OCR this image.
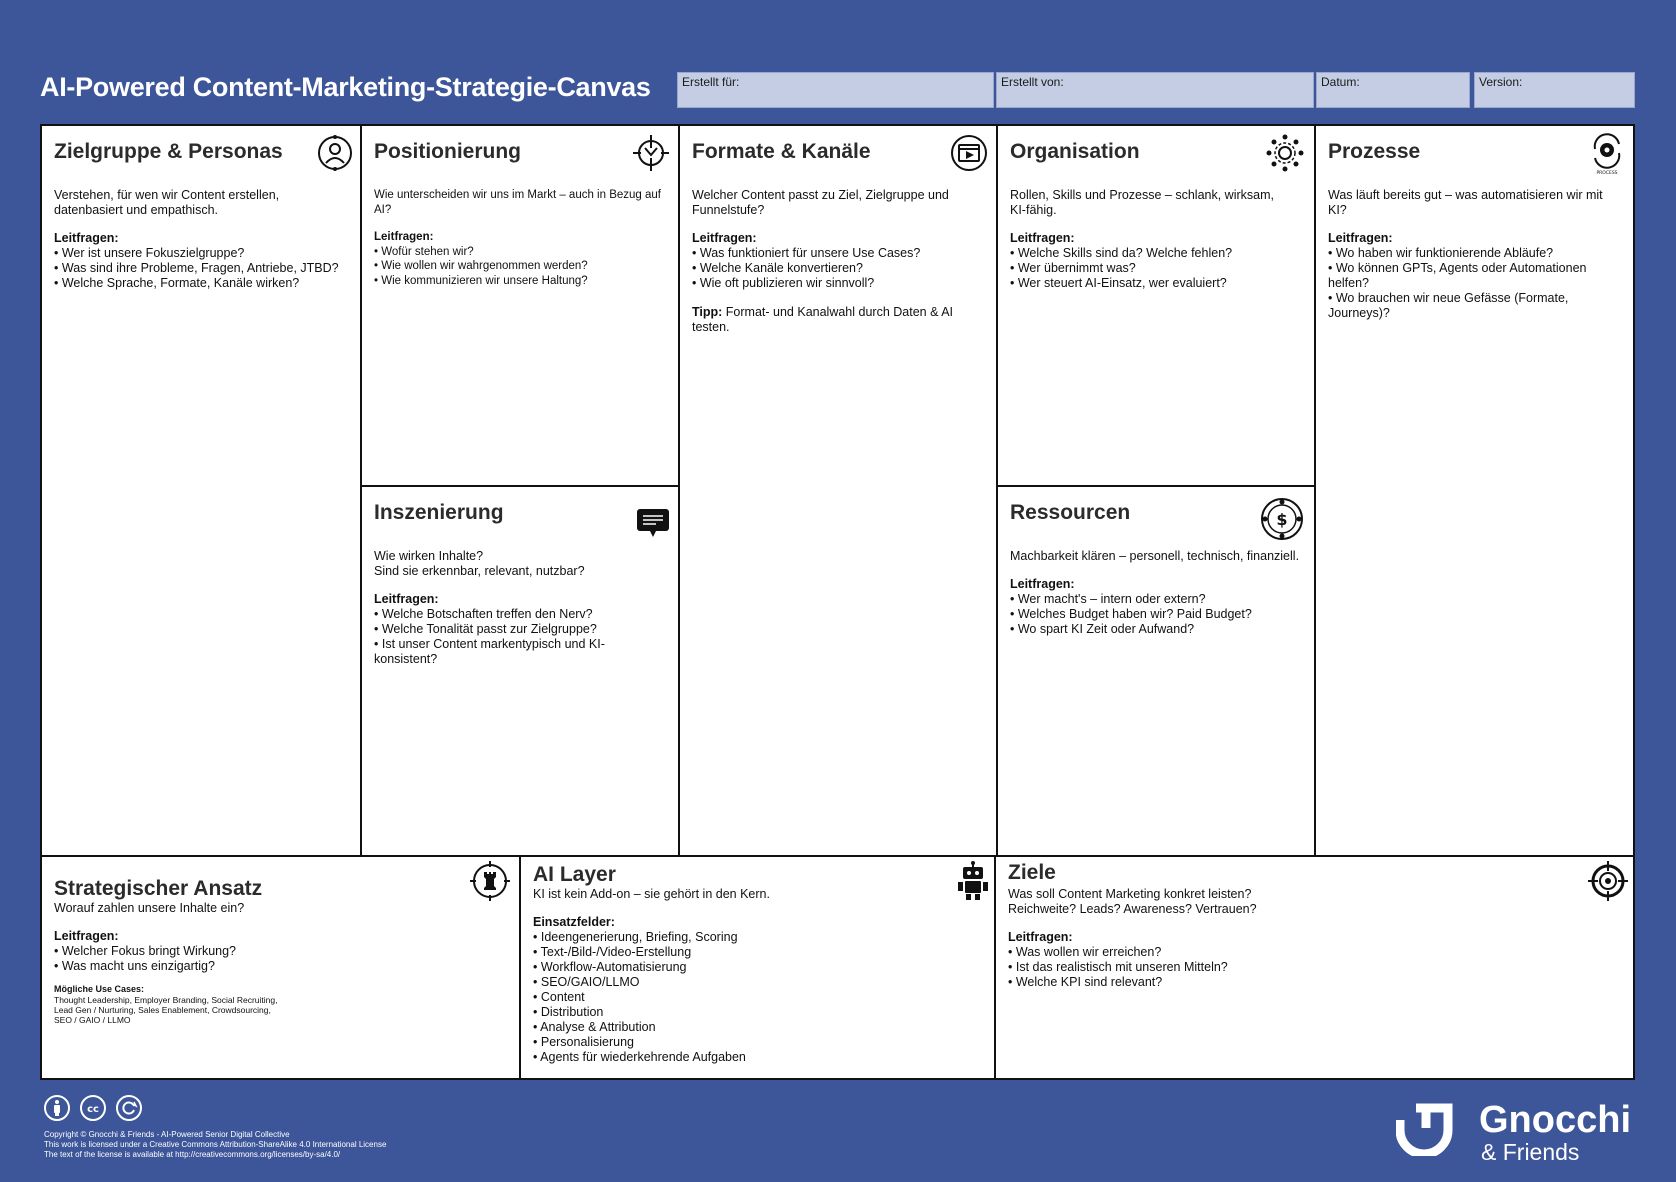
AI-Powered Content-Marketing-Strategie-Canvas	Erstellt für:	Erstellt von:	Datum:	Version:
Zielgruppe & Personas

Verstehen, für wen wir Content erstellen,
datenbasiert und empathisch.

Leitfragen:

• Wer ist unsere Fokuszielgruppe?
• Was sind ihre Probleme, Fragen, Antriebe, JTBD?
• Welche Sprache, Formate, Kanäle wirken?
Positionierung

Wie unterscheiden wir uns im Markt – auch in Bezug auf AI?

Leitfragen:

• Wofür stehen wir?
• Wie wollen wir wahrgenommen werden?
• Wie kommunizieren wir unsere Haltung?
Inszenierung

Wie wirken Inhalte?
Sind sie erkennbar, relevant, nutzbar?

Leitfragen:

• Welche Botschaften treffen den Nerv?
• Welche Tonalität passt zur Zielgruppe?
• Ist unser Content markentypisch und KI-konsistent?
Formate & Kanäle

Welcher Content passt zu Ziel, Zielgruppe und
Funnelstufe?

Leitfragen:

• Was funktioniert für unsere Use Cases?
• Welche Kanäle konvertieren?
• Wie oft publizieren wir sinnvoll?

Tipp: Format- und Kanalwahl durch Daten & AI testen.

Organisation

Rollen, Skills und Prozesse – schlank, wirksam,
KI-fähig.

Leitfragen:

• Welche Skills sind da? Welche fehlen?
• Wer übernimmt was?
• Wer steuert AI-Einsatz, wer evaluiert?
Ressourcen

Machbarkeit klären – personell, technisch, finanziell.

Leitfragen:

• Wer macht's – intern oder extern?
• Welches Budget haben wir? Paid Budget?
• Wo spart KI Zeit oder Aufwand?
$
Prozesse

Was läuft bereits gut – was automatisieren wir mit KI?

Leitfragen:

• Wo haben wir funktionierende Abläufe?
• Wo können GPTs, Agents oder Automationen helfen?
• Wo brauchen wir neue Gefässe (Formate, Journeys)?
PROCESS
Strategischer Ansatz

Worauf zahlen unsere Inhalte ein?

Leitfragen:

• Welcher Fokus bringt Wirkung?
• Was macht uns einzigartig?

Mögliche Use Cases:

Thought Leadership, Employer Branding, Social Recruiting,
Lead Gen / Nurturing, Sales Enablement, Crowdsourcing,
SEO / GAIO / LLMO

AI Layer

KI ist kein Add-on – sie gehört in den Kern.

Einsatzfelder:

• Ideengenerierung, Briefing, Scoring
• Text-/Bild-/Video-Erstellung
• Workflow-Automatisierung
• SEO/GAIO/LLMO
• Content
• Distribution
• Analyse & Attribution
• Personalisierung
• Agents für wiederkehrende Aufgaben
Ziele

Was soll Content Marketing konkret leisten?
Reichweite? Leads? Awareness? Vertrauen?

Leitfragen:

• Was wollen wir erreichen?
• Ist das realistisch mit unseren Mitteln?
• Welche KPI sind relevant?
cc
Copyright © Gnocchi & Friends - AI-Powered Senior Digital Collective
This work is licensed under a Creative Commons Attribution-ShareAlike 4.0 International License
The text of the license is available at http://creativecommons.org/licenses/by-sa/4.0/
Gnocchi
& Friends
